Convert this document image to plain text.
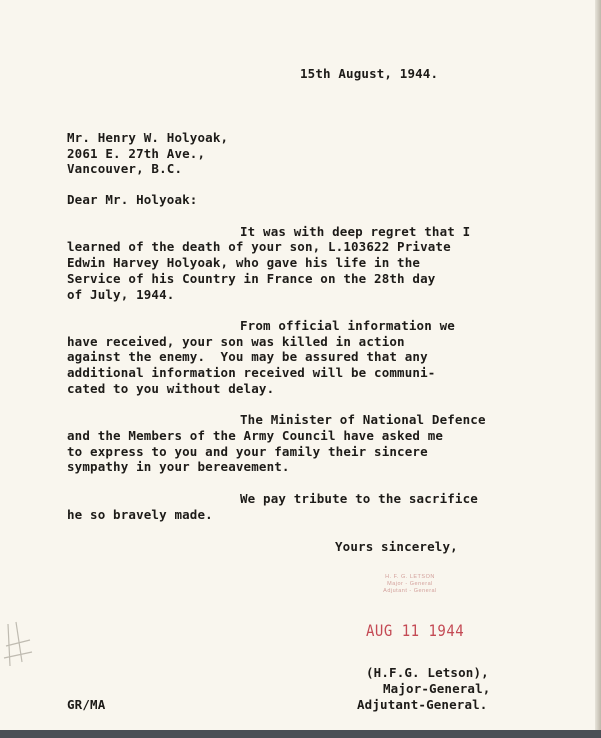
15th August, 1944.
Mr. Henry W. Holyoak,
2061 E. 27th Ave.,
Vancouver, B.C.
Dear Mr. Holyoak:
It was with deep regret that I
learned of the death of your son, L.103622 Private
Edwin Harvey Holyoak, who gave his life in the
Service of his Country in France on the 28th day
of July, 1944.
From official information we
have received, your son was killed in action
against the enemy.  You may be assured that any
additional information received will be communi-
cated to you without delay.
The Minister of National Defence
and the Members of the Army Council have asked me
to express to you and your family their sincere
sympathy in your bereavement.
We pay tribute to the sacrifice
he so bravely made.
Yours sincerely,
H. F. G. LETSON
Major - General
Adjutant - General
AUG 11 1944
(H.F.G. Letson),
Major-General,
Adjutant-General.
GR/MA
